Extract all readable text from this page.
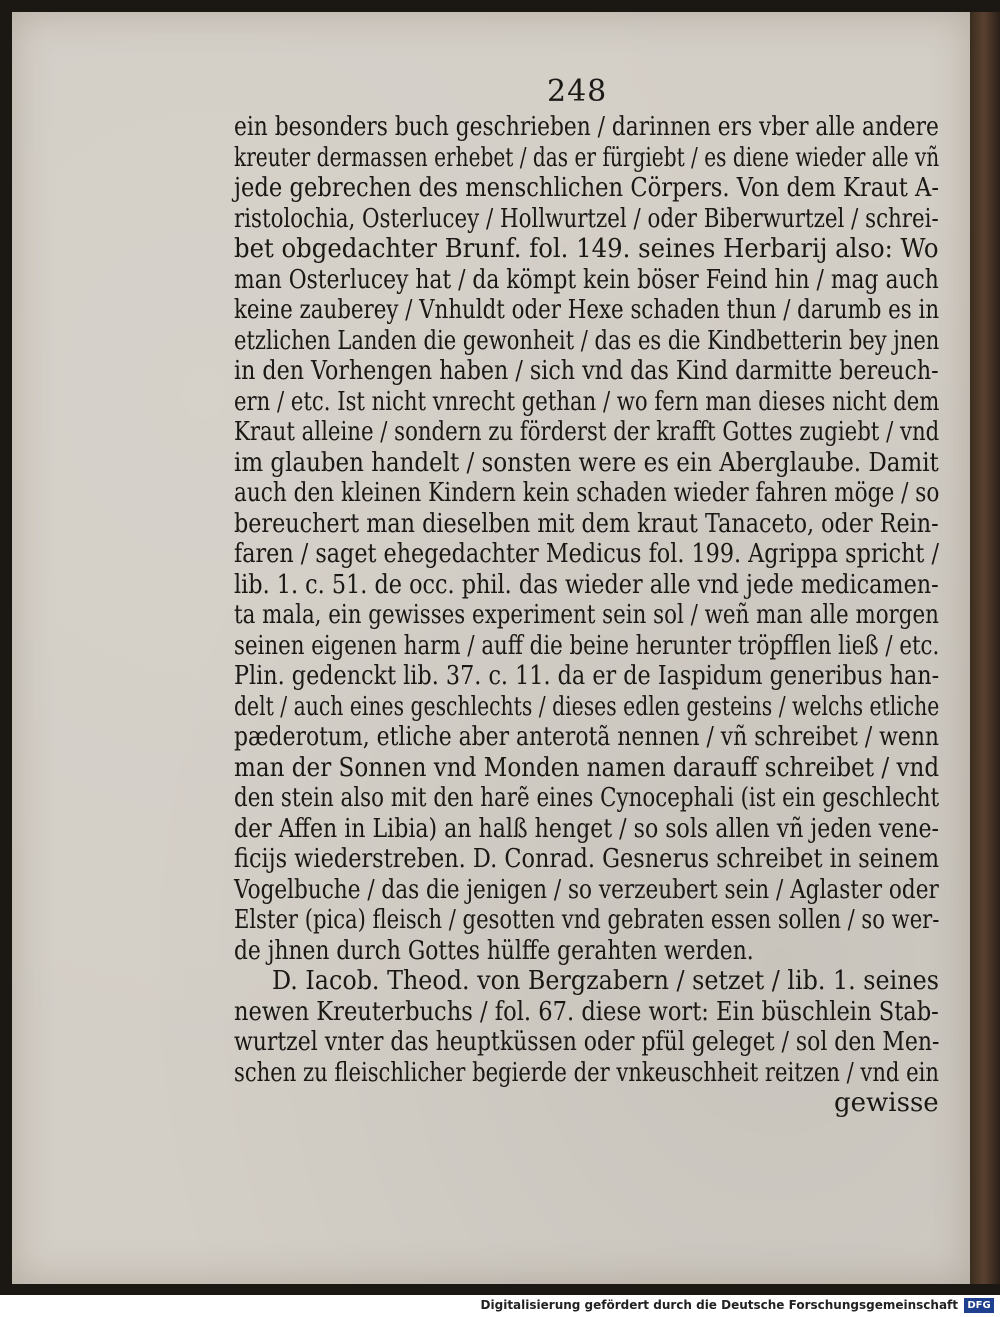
248
ein besonders buch geschrieben / darinnen ers vber alle andere
kreuter dermassen erhebet / das er fürgiebt / es diene wieder alle vñ
jede gebrechen des menschlichen Cörpers. Von dem Kraut A-
ristolochia, Osterlucey / Hollwurtzel / oder Biberwurtzel / schrei-
bet obgedachter Brunf. fol. 149. seines Herbarij also: Wo
man Osterlucey hat / da kömpt kein böser Feind hin / mag auch
keine zauberey / Vnhuldt oder Hexe schaden thun / darumb es in
etzlichen Landen die gewonheit / das es die Kindbetterin bey jnen
in den Vorhengen haben / sich vnd das Kind darmitte bereuch-
ern / etc. Ist nicht vnrecht gethan / wo fern man dieses nicht dem
Kraut alleine / sondern zu förderst der krafft Gottes zugiebt / vnd
im glauben handelt / sonsten were es ein Aberglaube. Damit
auch den kleinen Kindern kein schaden wieder fahren möge / so
bereuchert man dieselben mit dem kraut Tanaceto, oder Rein-
faren / saget ehegedachter Medicus fol. 199. Agrippa spricht /
lib. 1. c. 51. de occ. phil. das wieder alle vnd jede medicamen-
ta mala, ein gewisses experiment sein sol / weñ man alle morgen
seinen eigenen harm / auff die beine herunter tröpfflen ließ / etc.
Plin. gedenckt lib. 37. c. 11. da er de Iaspidum generibus han-
delt / auch eines geschlechts / dieses edlen gesteins / welchs etliche
pæderotum, etliche aber anterotã nennen / vñ schreibet / wenn
man der Sonnen vnd Monden namen darauff schreibet / vnd
den stein also mit den harẽ eines Cynocephali (ist ein geschlecht
der Affen in Libia) an halß henget / so sols allen vñ jeden vene-
ficijs wiederstreben. D. Conrad. Gesnerus schreibet in seinem
Vogelbuche / das die jenigen / so verzeubert sein / Aglaster oder
Elster (pica) fleisch / gesotten vnd gebraten essen sollen / so wer-
de jhnen durch Gottes hülffe gerahten werden.
D. Iacob. Theod. von Bergzabern / setzet / lib. 1. seines
newen Kreuterbuchs / fol. 67. diese wort: Ein büschlein Stab-
wurtzel vnter das heuptküssen oder pfül geleget / sol den Men-
schen zu fleischlicher begierde der vnkeuschheit reitzen / vnd ein
gewisse
Digitalisierung gefördert durch die Deutsche Forschungsgemeinschaft DFG
